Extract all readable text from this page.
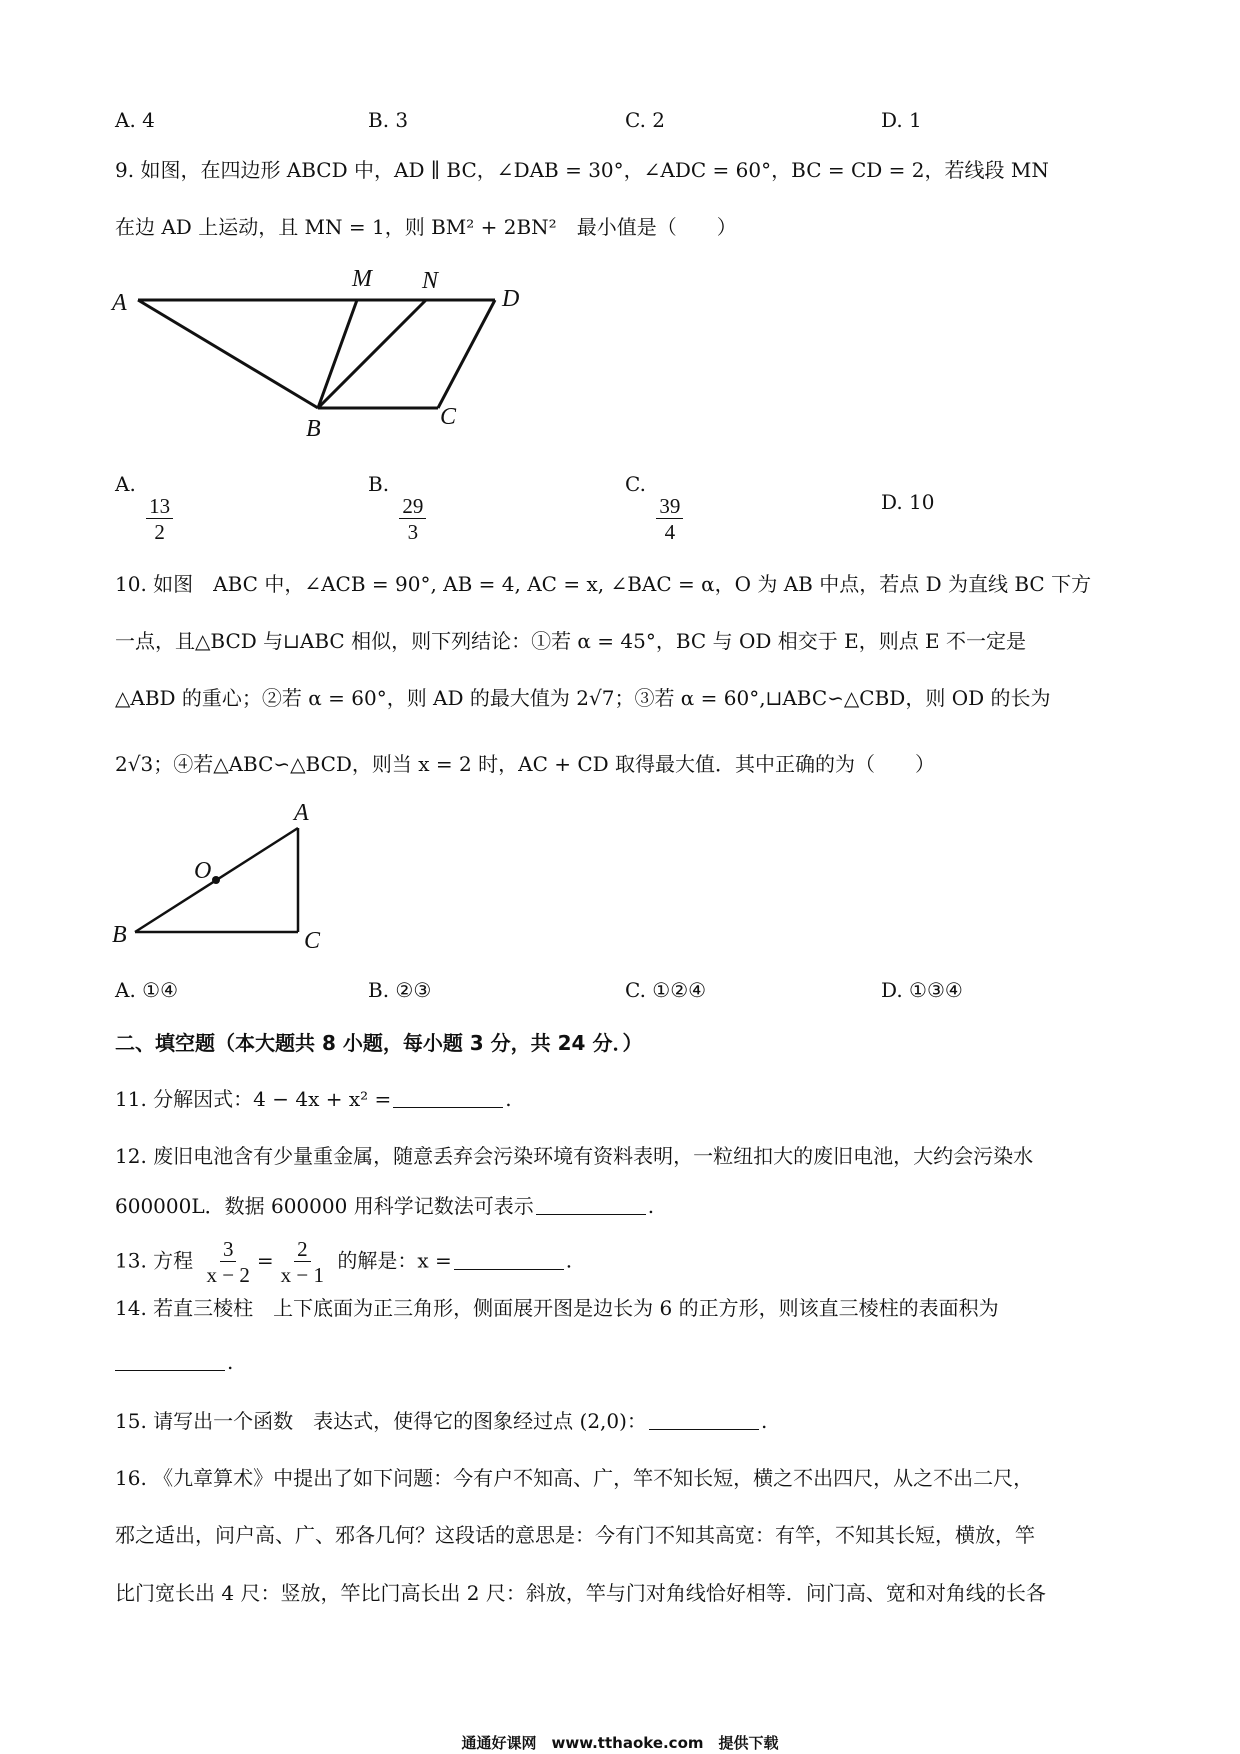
A. 4	B. 3	C. 2	D. 1
9. 如图，在四边形 ABCD 中，AD ∥ BC，∠DAB = 30°，∠ADC = 60°，BC = CD = 2，若线段 MN
在边 AD 上运动，且 MN = 1，则 BM² + 2BN²　最小值是（　　）
A
M N
D
B	C
A.
$\frac{13}{2}$
B.
$\frac{29}{3}$
C.
$\frac{39}{4}$	D. 10
10. 如图　ABC 中，∠ACB = 90°, AB = 4, AC = x, ∠BAC = α，O 为 AB 中点，若点 D 为直线 BC 下方
一点，且△BCD 与⊔ABC 相似，则下列结论：①若 α = 45°，BC 与 OD 相交于 E，则点 E 不一定是
△ABD 的重心；②若 α = 60°，则 AD 的最大值为 2√7；③若 α = 60°,⊔ABC∽△CBD，则 OD 的长为
2√3；④若△ABC∽△BCD，则当 x = 2 时，AC + CD 取得最大值．其中正确的为（　　）
A
O
B	C
A. ①④	B. ②③	C. ①②④	D. ①③④
二、填空题（本大题共 8 小题，每小题 3 分，共 24 分．）
11. 分解因式：4 − 4x + x² =	.
12. 废旧电池含有少量重金属，随意丢弃会污染环境有资料表明，一粒纽扣大的废旧电池，大约会污染水
600000L．数据 600000 用科学记数法可表示	.
13. 方程 $\frac{3}{x - 2} = \frac{2}{x - 1}$ 的解是：x =	.
14. 若直三棱柱　上下底面为正三角形，侧面展开图是边长为 6 的正方形，则该直三棱柱的表面积为
.
15. 请写出一个函数　表达式，使得它的图象经过点 (2,0)：	.
16. 《九章算术》中提出了如下问题：今有户不知高、广，竿不知长短，横之不出四尺，从之不出二尺，
邪之适出，问户高、广、邪各几何？这段话的意思是：今有门不知其高宽：有竿，不知其长短，横放，竿
比门宽长出 4 尺：竖放，竿比门高长出 2 尺：斜放，竿与门对角线恰好相等．问门高、宽和对角线的长各
通通好课网　www.tthaoke.com　提供下载
